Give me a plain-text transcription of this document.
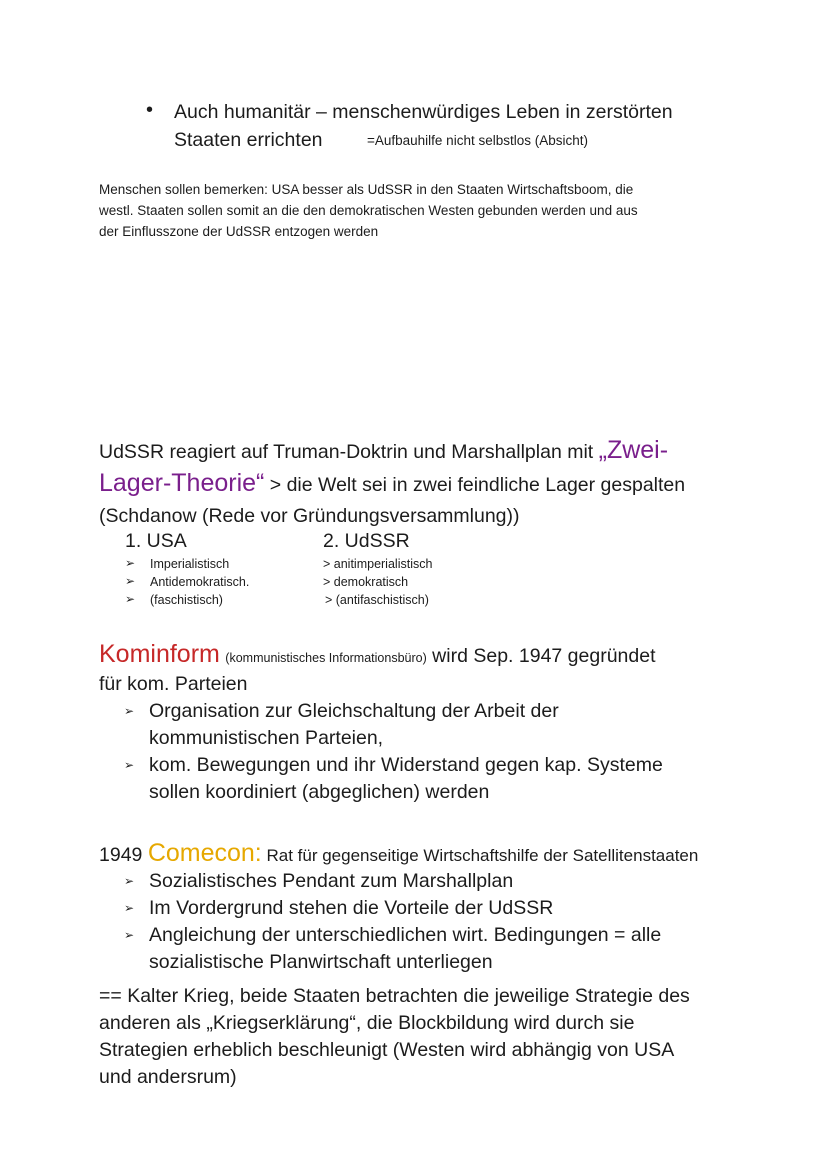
• Auch humanitär – menschenwürdiges Leben in zerstörten
Staaten errichten	=Aufbauhilfe nicht selbstlos (Absicht)
Menschen sollen bemerken: USA besser als UdSSR in den Staaten Wirtschaftsboom, die
westl. Staaten sollen somit an die den demokratischen Westen gebunden werden und aus
der Einflusszone der UdSSR entzogen werden
UdSSR reagiert auf Truman-Doktrin und Marshallplan mit „Zwei-
Lager-Theorie“ > die Welt sei in zwei feindliche Lager gespalten
(Schdanow (Rede vor Gründungsversammlung))
1. USA	2. UdSSR
➢ Imperialistisch
➢ Antidemokratisch.
➢ (faschistisch)
> anitimperialistisch
> demokratisch
> (antifaschistisch)
Kominform (kommunistisches Informationsbüro) wird Sep. 1947 gegründet
für kom. Parteien
➢ Organisation zur Gleichschaltung der Arbeit der
kommunistischen Parteien,
➢ kom. Bewegungen und ihr Widerstand gegen kap. Systeme
sollen koordiniert (abgeglichen) werden
1949 Comecon: Rat für gegenseitige Wirtschaftshilfe der Satellitenstaaten
➢ Sozialistisches Pendant zum Marshallplan
➢ Im Vordergrund stehen die Vorteile der UdSSR
➢ Angleichung der unterschiedlichen wirt. Bedingungen = alle
sozialistische Planwirtschaft unterliegen
== Kalter Krieg, beide Staaten betrachten die jeweilige Strategie des
anderen als „Kriegserklärung“, die Blockbildung wird durch sie
Strategien erheblich beschleunigt (Westen wird abhängig von USA
und andersrum)
